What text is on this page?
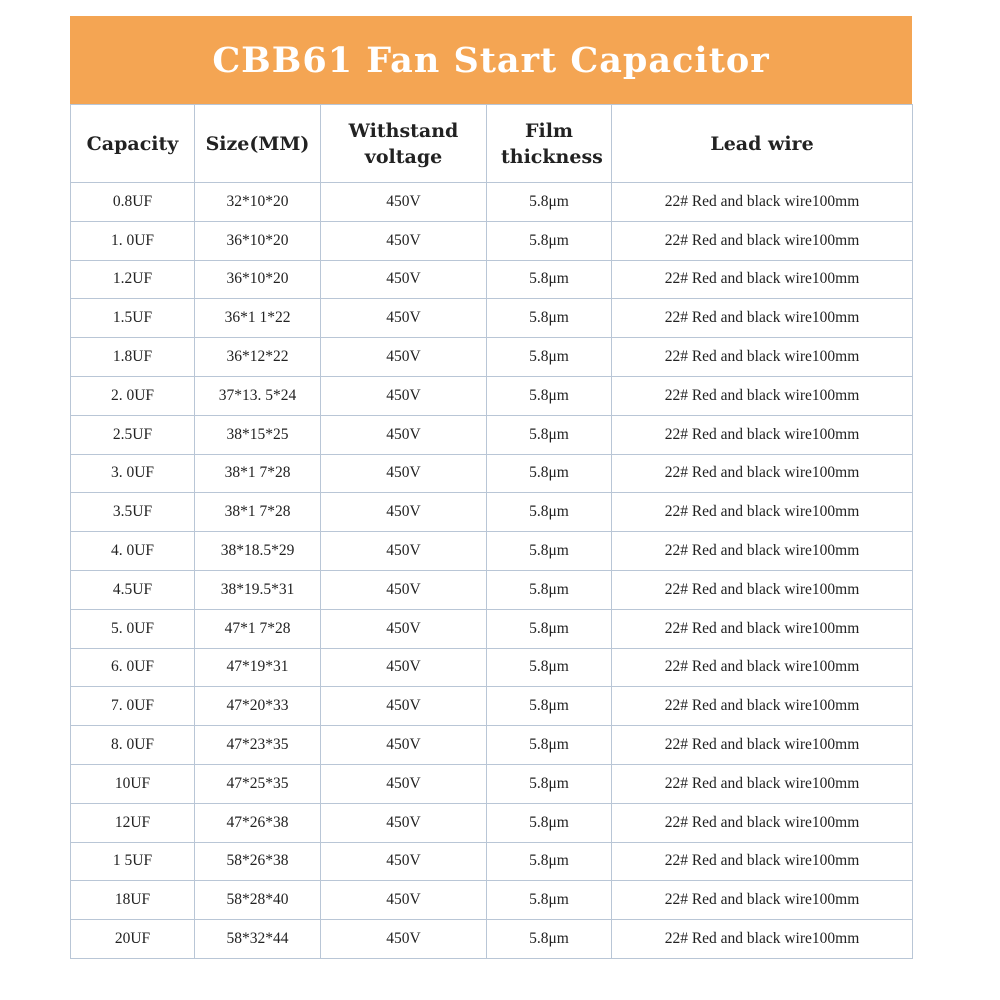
CBB61 Fan Start Capacitor
Capacity	Size(MM)	Withstand voltage	Film thickness	Lead wire
0.8UF	32*10*20	450V	5.8μm	22# Red and black wire100mm
1. 0UF	36*10*20	450V	5.8μm	22# Red and black wire100mm
1.2UF	36*10*20	450V	5.8μm	22# Red and black wire100mm
1.5UF	36*1 1*22	450V	5.8μm	22# Red and black wire100mm
1.8UF	36*12*22	450V	5.8μm	22# Red and black wire100mm
2. 0UF	37*13. 5*24	450V	5.8μm	22# Red and black wire100mm
2.5UF	38*15*25	450V	5.8μm	22# Red and black wire100mm
3. 0UF	38*1 7*28	450V	5.8μm	22# Red and black wire100mm
3.5UF	38*1 7*28	450V	5.8μm	22# Red and black wire100mm
4. 0UF	38*18.5*29	450V	5.8μm	22# Red and black wire100mm
4.5UF	38*19.5*31	450V	5.8μm	22# Red and black wire100mm
5. 0UF	47*1 7*28	450V	5.8μm	22# Red and black wire100mm
6. 0UF	47*19*31	450V	5.8μm	22# Red and black wire100mm
7. 0UF	47*20*33	450V	5.8μm	22# Red and black wire100mm
8. 0UF	47*23*35	450V	5.8μm	22# Red and black wire100mm
10UF	47*25*35	450V	5.8μm	22# Red and black wire100mm
12UF	47*26*38	450V	5.8μm	22# Red and black wire100mm
1 5UF	58*26*38	450V	5.8μm	22# Red and black wire100mm
18UF	58*28*40	450V	5.8μm	22# Red and black wire100mm
20UF	58*32*44	450V	5.8μm	22# Red and black wire100mm
